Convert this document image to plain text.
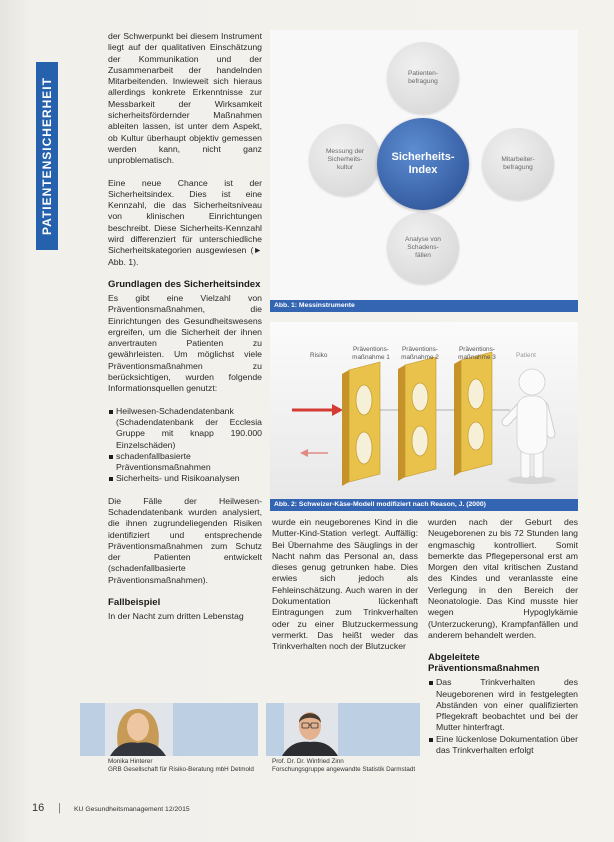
PATIENTENSICHERHEIT

der Schwerpunkt bei diesem Instrument liegt auf der qualitativen Einschätzung der Kommunikation und der Zusammenarbeit der handelnden Mitarbeitenden. Inwieweit sich hieraus allerdings konkrete Erkenntnisse zur Messbarkeit der Wirksamkeit sicherheitsfördernder Maßnahmen ableiten lassen, ist unter dem Aspekt, ob Kultur überhaupt objektiv gemessen werden kann, nicht ganz unproblematisch.

Eine neue Chance ist der Sicherheitsindex. Dies ist eine Kennzahl, die das Sicherheitsniveau von klinischen Einrichtungen beschreibt. Diese Sicherheits-Kennzahl wird differenziert für unterschiedliche Sicherheitskategorien ausgewiesen (► Abb. 1).

Grundlagen des Sicherheitsindex

Es gibt eine Vielzahl von Präventionsmaßnahmen, die Einrichtungen des Gesundheitswesens ergreifen, um die Sicherheit der ihnen anvertrauten Patienten zu gewährleisten. Um möglichst viele Präventionsmaßnahmen zu berücksichtigen, wurden folgende Informationsquellen genutzt:

Heilwesen-Schadendatenbank (Schadendatenbank der Ecclesia Gruppe mit knapp 190.000 Einzelschäden)
schadenfallbasierte Präventionsmaßnahmen
Sicherheits- und Risikoanalysen

Die Fälle der Heilwesen-Schadendatenbank wurden analysiert, die ihnen zugrundeliegenden Risiken identifiziert und entsprechende Präventionsmaßnahmen zum Schutz der Patienten entwickelt (schadenfallbasierte Präventionsmaßnahmen).

Fallbeispiel

In der Nacht zum dritten Lebenstag

Patienten-
befragung
Mitarbeiter-
befragung
Analyse von
Schadens-
fällen
Messung der
Sicherheits-
kultur
Sicherheits-
Index
Abb. 1: Messinstrumente
Risiko
Präventions-
maßnahme 1
Präventions-
maßnahme 2
Präventions-
maßnahme 3	Patient
Abb. 2: Schweizer-Käse-Modell modifiziert nach Reason, J. (2000)

wurde ein neugeborenes Kind in die Mutter-Kind-Station verlegt. Auffällig: Bei Übernahme des Säuglings in der Nacht nahm das Personal an, dass dieses genug getrunken habe. Dies erwies sich jedoch als Fehleinschätzung. Auch waren in der Dokumentation lückenhaft Eintragungen zum Trinkverhalten oder zu einer Blutzuckermessung vermerkt. Das heißt weder das Trinkverhalten noch der Blutzucker

wurden nach der Geburt des Neugeborenen zu bis 72 Stunden lang engmaschig kontrolliert. Somit bemerkte das Pflegepersonal erst am Morgen den vital kritischen Zustand des Kindes und veranlasste eine Verlegung in den Bereich der Neonatologie. Das Kind musste hier wegen Hypoglykämie (Unterzuckerung), Krampfanfällen und anderem behandelt werden.

Abgeleitete Präventionsmaßnahmen
Das Trinkverhalten des Neugeborenen wird in festgelegten Abständen von einer qualifizierten Pflegekraft beobachtet und bei der Mutter hinterfragt.
Eine lückenlose Dokumentation über das Trinkverhalten erfolgt
Monika Hinterer
GRB Gesellschaft für Risiko-Beratung mbH Detmold
Prof. Dr. Dr. Winfried Zinn
Forschungsgruppe angewandte Statistik Darmstadt
16 | KU Gesundheitsmanagement 12/2015
